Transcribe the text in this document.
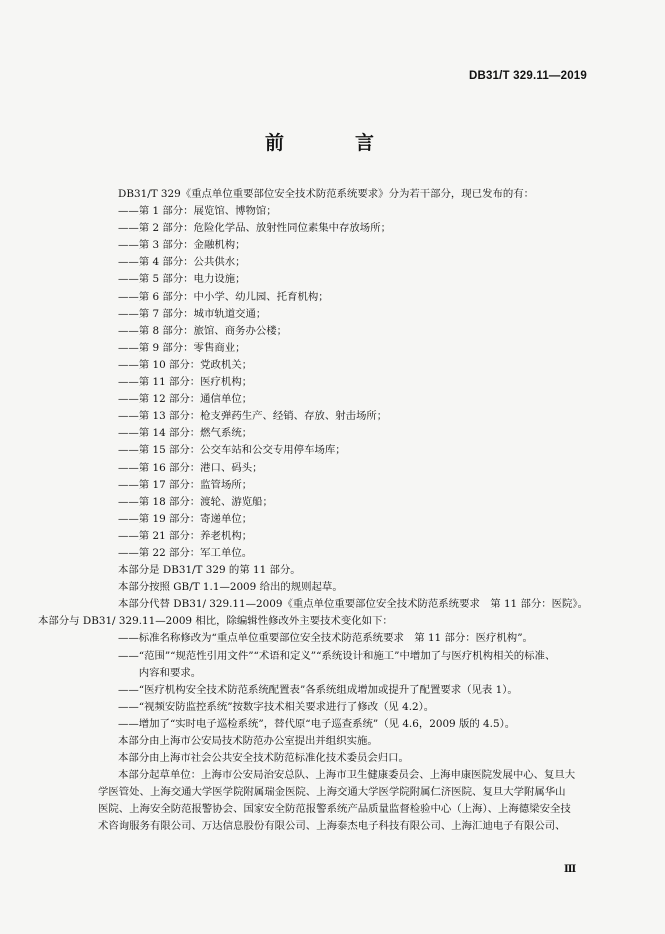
DB31/T 329.11—2019
前　言
DB31/T 329《重点单位重要部位安全技术防范系统要求》分为若干部分，现已发布的有：
——第 1 部分：展览馆、博物馆；
——第 2 部分：危险化学品、放射性同位素集中存放场所；
——第 3 部分：金融机构；
——第 4 部分：公共供水；
——第 5 部分：电力设施；
——第 6 部分：中小学、幼儿园、托育机构；
——第 7 部分：城市轨道交通；
——第 8 部分：旅馆、商务办公楼；
——第 9 部分：零售商业；
——第 10 部分：党政机关；
——第 11 部分：医疗机构；
——第 12 部分：通信单位；
——第 13 部分：枪支弹药生产、经销、存放、射击场所；
——第 14 部分：燃气系统；
——第 15 部分：公交车站和公交专用停车场库；
——第 16 部分：港口、码头；
——第 17 部分：监管场所；
——第 18 部分：渡轮、游览船；
——第 19 部分：寄递单位；
——第 21 部分：养老机构；
——第 22 部分：军工单位。
本部分是 DB31/T 329 的第 11 部分。
本部分按照 GB/T 1.1—2009 给出的规则起草。
本部分代替 DB31/ 329.11—2009《重点单位重要部位安全技术防范系统要求　第 11 部分：医院》。
本部分与 DB31/ 329.11—2009 相比，除编辑性修改外主要技术变化如下：
——标准名称修改为“重点单位重要部位安全技术防范系统要求　第 11 部分：医疗机构”。
——“范围”“规范性引用文件”“术语和定义”“系统设计和施工”中增加了与医疗机构相关的标准、
　　内容和要求。
——“医疗机构安全技术防范系统配置表”各系统组成增加或提升了配置要求（见表 1）。
——“视频安防监控系统”按数字技术相关要求进行了修改（见 4.2）。
——增加了“实时电子巡检系统”，替代原“电子巡查系统”（见 4.6，2009 版的 4.5）。
本部分由上海市公安局技术防范办公室提出并组织实施。
本部分由上海市社会公共安全技术防范标准化技术委员会归口。
本部分起草单位：上海市公安局治安总队、上海市卫生健康委员会、上海申康医院发展中心、复旦大
学医管处、上海交通大学医学院附属瑞金医院、上海交通大学医学院附属仁济医院、复旦大学附属华山
医院、上海安全防范报警协会、国家安全防范报警系统产品质量监督检验中心（上海）、上海德梁安全技
术咨询服务有限公司、万达信息股份有限公司、上海泰杰电子科技有限公司、上海汇迪电子有限公司、
Ⅲ
